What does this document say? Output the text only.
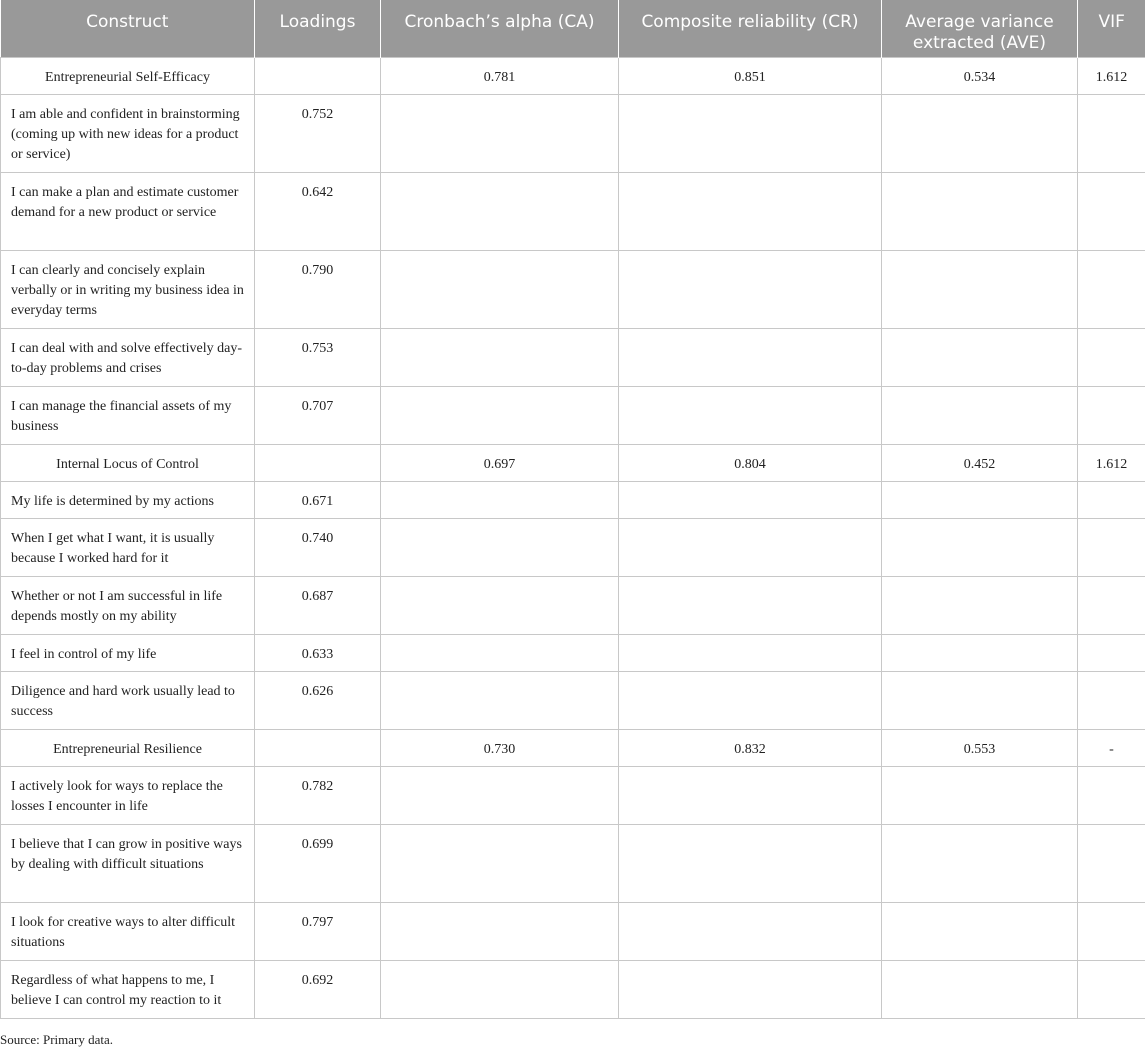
Construct	Loadings	Cronbach’s alpha (CA)	Composite reliability (CR)	Average variance extracted (AVE)	VIF
Entrepreneurial Self-Efficacy		0.781	0.851	0.534	1.612
I am able and confident in brainstorming (coming up with new ideas for a product or service)	0.752				
I can make a plan and estimate customer demand for a new product or service	0.642				
I can clearly and concisely explain verbally or in writing my business idea in everyday terms	0.790				
I can deal with and solve effectively day-to-day problems and crises	0.753				
I can manage the financial assets of my business	0.707				
Internal Locus of Control		0.697	0.804	0.452	1.612
My life is determined by my actions	0.671				
When I get what I want, it is usually because I worked hard for it	0.740				
Whether or not I am successful in life depends mostly on my ability	0.687				
I feel in control of my life	0.633				
Diligence and hard work usually lead to success	0.626				
Entrepreneurial Resilience		0.730	0.832	0.553	-
I actively look for ways to replace the losses I encounter in life	0.782				
I believe that I can grow in positive ways by dealing with difficult situations	0.699				
I look for creative ways to alter difficult situations	0.797				
Regardless of what happens to me, I believe I can control my reaction to it	0.692				
Source: Primary data.
